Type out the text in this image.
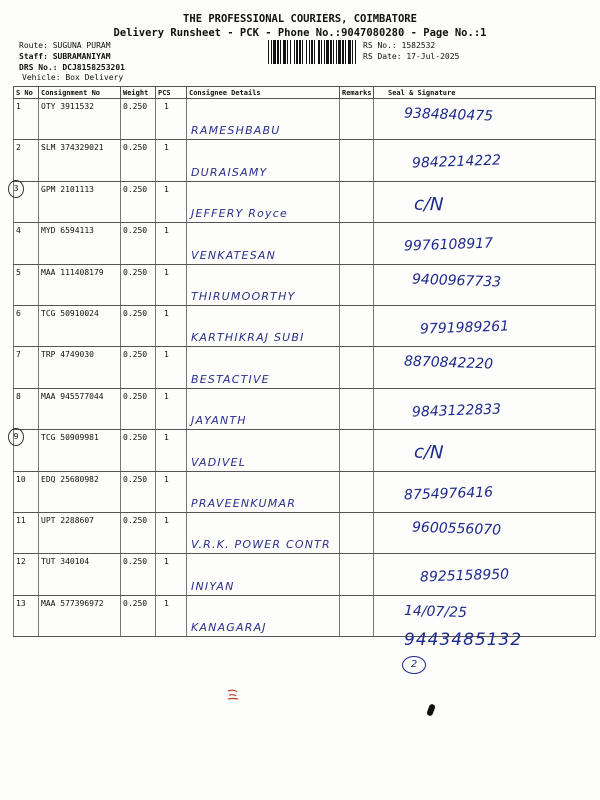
THE PROFESSIONAL COURIERS, COIMBATORE
Delivery Runsheet - PCK - Phone No.:9047080280 - Page No.:1
Route: SUGUNA PURAM
Staff: SUBRAMANIYAM
DRS No.: DCJ8158253201
Vehicle: Box Delivery
RS No.: 1582532
RS Date: 17-Jul-2025
S No	Consignment No	Weight	PCS	Consignee Details	Remarks	Seal & Signature
1	OTY 3911532	0.250	1	RAMESHBABU		9384840475

2	SLM 374329021	0.250	1	DURAISAMY		9842214222

3	GPM 2101113	0.250	1	JEFFERY Royce		c/N

4	MYD 6594113	0.250	1	VENKATESAN		9976108917

5	MAA 111408179	0.250	1	THIRUMOORTHY		9400967733

6	TCG 50910024	0.250	1	KARTHIKRAJ SUBI		9791989261

7	TRP 4749030	0.250	1	BESTACTIVE		8870842220

8	MAA 945577044	0.250	1	JAYANTH		9843122833

9	TCG 50909981	0.250	1	VADIVEL		c/N

10	EDQ 25680982	0.250	1	PRAVEENKUMAR		8754976416

11	UPT 2288607	0.250	1	V.R.K. POWER CONTR		9600556070

12	TUT 340104	0.250	1	INIYAN		8925158950

13	MAA 577396972	0.250	1	KANAGARAJ		14/07/25
9443485132
2
